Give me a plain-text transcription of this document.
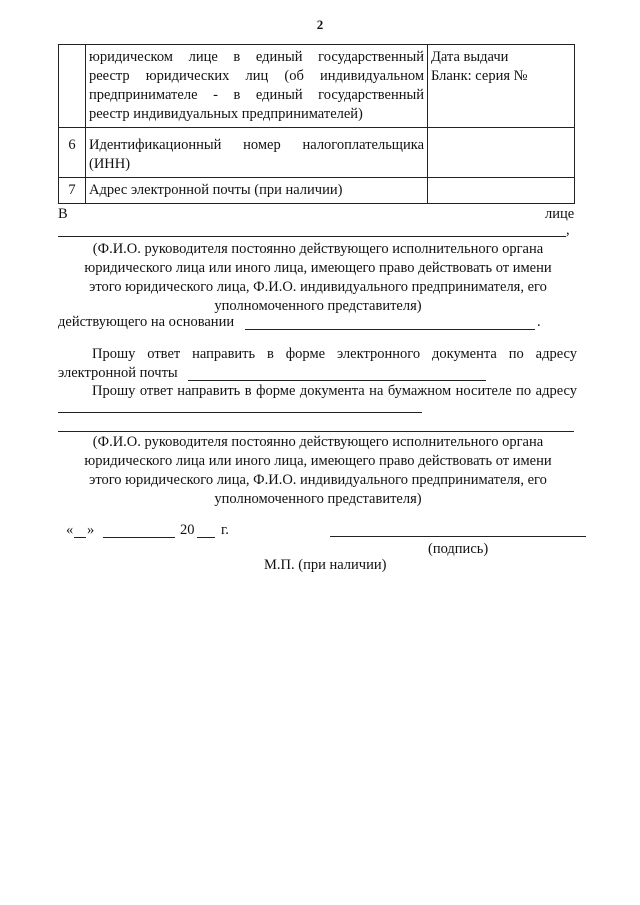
2

	юридическом лице в единый государственный
реестр юридических лиц (об индивидуальном
предпринимателе - в единый государственный
реестр индивидуальных предпринимателей)	Дата выдачи
Бланк: серия №

6	Идентификационный номер налогоплательщика
(ИНН)	

7	Адрес электронной почты (при наличии)	

В	лице
,
(Ф.И.О. руководителя постоянно действующего исполнительного органа
юридического лица или иного лица, имеющего право действовать от имени
этого юридического лица, Ф.И.О. индивидуального предпринимателя, его
уполномоченного представителя)
действующего на основании	.
Прошу ответ направить в форме электронного документа по адресу
электронной почты
Прошу ответ направить в форме документа на бумажном носителе по адресу
(Ф.И.О. руководителя постоянно действующего исполнительного органа
юридического лица или иного лица, имеющего право действовать от имени
этого юридического лица, Ф.И.О. индивидуального предпринимателя, его
уполномоченного представителя)
« »	20 г.
(подпись)
М.П. (при наличии)
